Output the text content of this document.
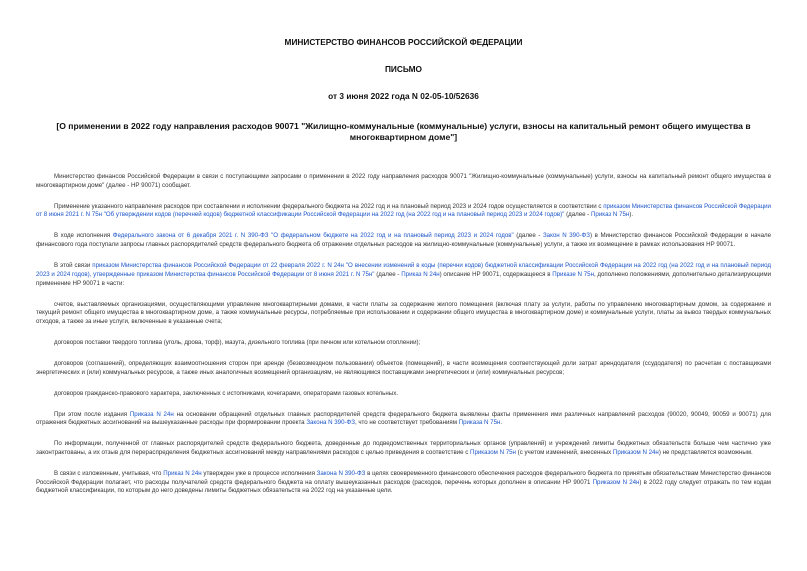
МИНИСТЕРСТВО ФИНАНСОВ РОССИЙСКОЙ ФЕДЕРАЦИИ
ПИСЬМО
от 3 июня 2022 года N 02-05-10/52636
[О применении в 2022 году направления расходов 90071 "Жилищно-коммунальные (коммунальные) услуги, взносы на капитальный ремонт общего имущества в многоквартирном доме"]
Министерство финансов Российской Федерации в связи с поступающими запросами о применении в 2022 году направления расходов 90071 "Жилищно-коммунальные (коммунальные) услуги, взносы на капитальный ремонт общего имущества в многоквартирном доме" (далее - НР 90071) сообщает.
Применение указанного направления расходов при составлении и исполнении федерального бюджета на 2022 год и на плановый период 2023 и 2024 годов осуществляется в соответствии с приказом Министерства финансов Российской Федерации от 8 июня 2021 г. N 75н "Об утверждении кодов (перечней кодов) бюджетной классификации Российской Федерации на 2022 год (на 2022 год и на плановый период 2023 и 2024 годов)" (далее - Приказ N 75н).
В ходе исполнения Федерального закона от 6 декабря 2021 г. N 390-ФЗ "О федеральном бюджете на 2022 год и на плановый период 2023 и 2024 годов" (далее - Закон N 390-ФЗ) в Министерство финансов Российской Федерации в начале финансового года поступали запросы главных распорядителей средств федерального бюджета об отражении отдельных расходов на жилищно-коммунальные (коммунальные) услуги, а также их возмещение в рамках использования НР 90071.
В этой связи приказом Министерства финансов Российской Федерации от 22 февраля 2022 г. N 24н "О внесении изменений в коды (перечни кодов) бюджетной классификации Российской Федерации на 2022 год (на 2022 год и на плановый период 2023 и 2024 годов), утвержденные приказом Министерства финансов Российской Федерации от 8 июня 2021 г. N 75н" (далее - Приказ N 24н) описание НР 90071, содержащееся в Приказе N 75н, дополнено положениями, дополнительно детализирующими применение НР 90071 в части:
счетов, выставляемых организациями, осуществляющими управление многоквартирными домами, в части платы за содержание жилого помещения (включая плату за услуги, работы по управлению многоквартирным домом, за содержание и текущий ремонт общего имущества в многоквартирном доме, а также коммунальные ресурсы, потребляемые при использовании и содержании общего имущества в многоквартирном доме) и коммунальные услуги, платы за вывоз твердых коммунальных отходов, а также за иные услуги, включенные в указанные счета;
договоров поставки твердого топлива (уголь, дрова, торф), мазута, дизельного топлива (при печном или котельном отоплении);
договоров (соглашений), определяющих взаимоотношения сторон при аренде (безвозмездном пользовании) объектов (помещений), в части возмещения соответствующей доли затрат арендодателя (ссудодателя) по расчетам с поставщиками энергетических и (или) коммунальных ресурсов, а также иных аналогичных возмещений организациям, не являющимся поставщиками энергетических и (или) коммунальных ресурсов;
договоров гражданско-правового характера, заключенных с истопниками, кочегарами, операторами газовых котельных.
При этом после издания Приказа N 24н на основании обращений отдельных главных распорядителей средств федерального бюджета выявлены факты применения ими различных направлений расходов (90020, 90049, 90059 и 90071) для отражения бюджетных ассигнований на вышеуказанные расходы при формировании проекта Закона N 390-ФЗ, что не соответствует требованиям Приказа N 75н.
По информации, полученной от главных распорядителей средств федерального бюджета, доведенные до подведомственных территориальных органов (управлений) и учреждений лимиты бюджетных обязательств больше чем частично уже законтрактованы, а их отзыв для перераспределения бюджетных ассигнований между направлениями расходов с целью приведения в соответствие с Приказом N 75н (с учетом изменений, внесенных Приказом N 24н) не представляется возможным.
В связи с изложенным, учитывая, что Приказ N 24н утвержден уже в процессе исполнения Закона N 390-ФЗ в целях своевременного финансового обеспечения расходов федерального бюджета по принятым обязательствам Министерство финансов Российской Федерации полагает, что расходы получателей средств федерального бюджета на оплату вышеуказанных расходов (расходов, перечень которых дополнен в описании НР 90071 Приказом N 24н) в 2022 году следует отражать по тем кодам бюджетной классификации, по которым до него доведены лимиты бюджетных обязательств на 2022 год на указанные цели.
